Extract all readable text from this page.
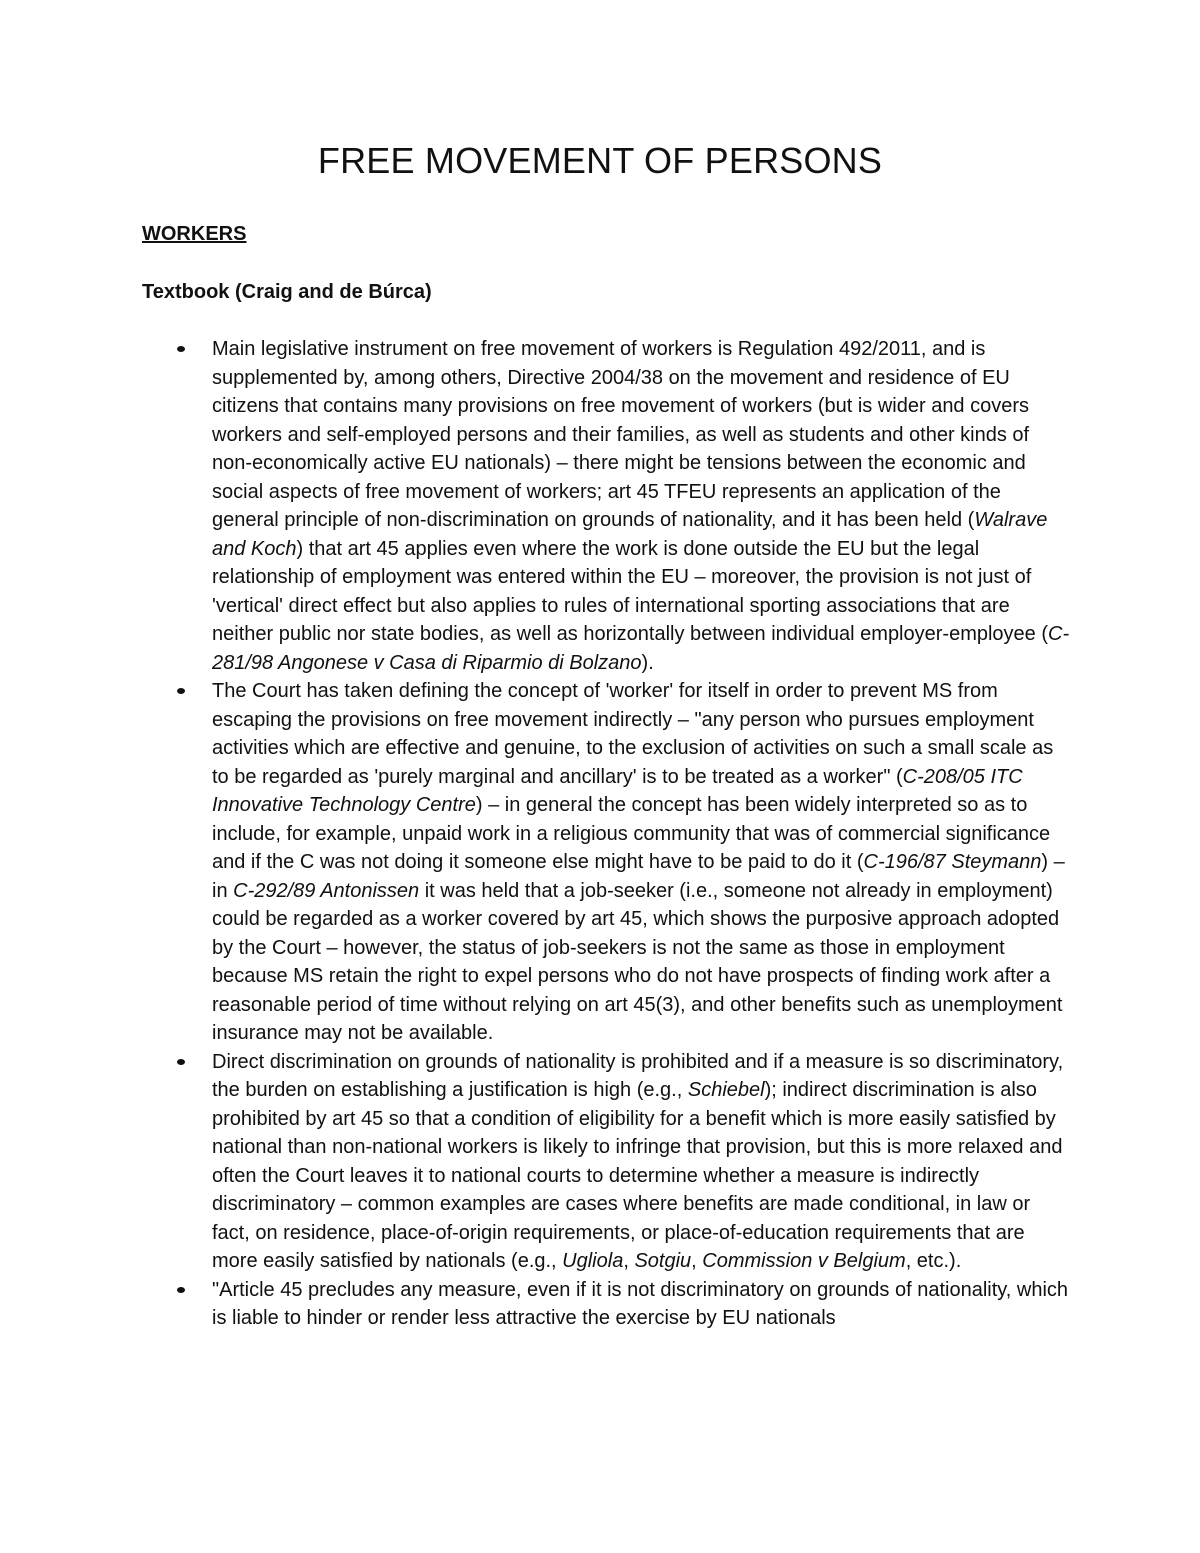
FREE MOVEMENT OF PERSONS
WORKERS
Textbook (Craig and de Búrca)
Main legislative instrument on free movement of workers is Regulation 492/2011, and is supplemented by, among others, Directive 2004/38 on the movement and residence of EU citizens that contains many provisions on free movement of workers (but is wider and covers workers and self-employed persons and their families, as well as students and other kinds of non-economically active EU nationals) – there might be tensions between the economic and social aspects of free movement of workers; art 45 TFEU represents an application of the general principle of non-discrimination on grounds of nationality, and it has been held (Walrave and Koch) that art 45 applies even where the work is done outside the EU but the legal relationship of employment was entered within the EU – moreover, the provision is not just of 'vertical' direct effect but also applies to rules of international sporting associations that are neither public nor state bodies, as well as horizontally between individual employer-employee (C-281/98 Angonese v Casa di Riparmio di Bolzano).
The Court has taken defining the concept of 'worker' for itself in order to prevent MS from escaping the provisions on free movement indirectly – "any person who pursues employment activities which are effective and genuine, to the exclusion of activities on such a small scale as to be regarded as 'purely marginal and ancillary' is to be treated as a worker" (C-208/05 ITC Innovative Technology Centre) – in general the concept has been widely interpreted so as to include, for example, unpaid work in a religious community that was of commercial significance and if the C was not doing it someone else might have to be paid to do it (C-196/87 Steymann) – in C-292/89 Antonissen it was held that a job-seeker (i.e., someone not already in employment) could be regarded as a worker covered by art 45, which shows the purposive approach adopted by the Court – however, the status of job-seekers is not the same as those in employment because MS retain the right to expel persons who do not have prospects of finding work after a reasonable period of time without relying on art 45(3), and other benefits such as unemployment insurance may not be available.
Direct discrimination on grounds of nationality is prohibited and if a measure is so discriminatory, the burden on establishing a justification is high (e.g., Schiebel); indirect discrimination is also prohibited by art 45 so that a condition of eligibility for a benefit which is more easily satisfied by national than non-national workers is likely to infringe that provision, but this is more relaxed and often the Court leaves it to national courts to determine whether a measure is indirectly discriminatory – common examples are cases where benefits are made conditional, in law or fact, on residence, place-of-origin requirements, or place-of-education requirements that are more easily satisfied by nationals (e.g., Ugliola, Sotgiu, Commission v Belgium, etc.).
"Article 45 precludes any measure, even if it is not discriminatory on grounds of nationality, which is liable to hinder or render less attractive the exercise by EU nationals
